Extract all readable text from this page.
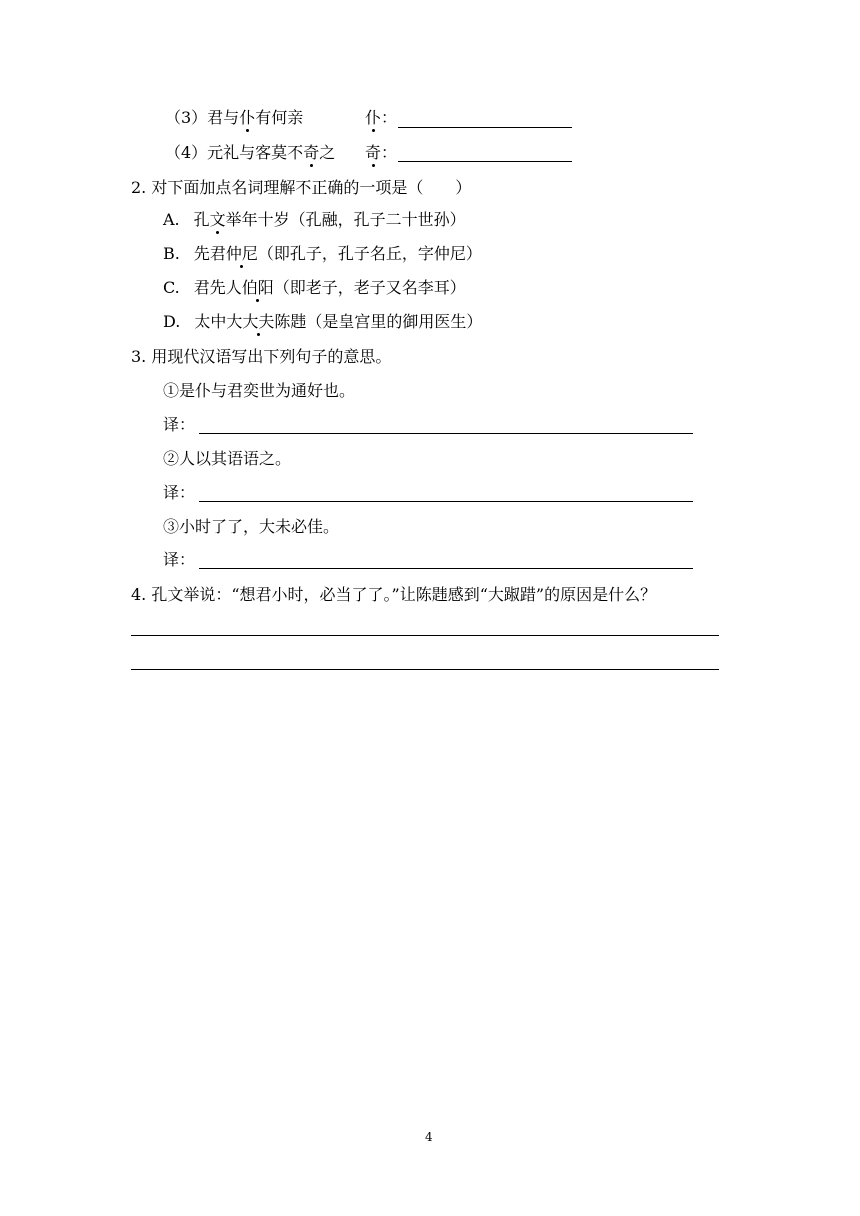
（3）君与仆有何亲	仆：
（4）元礼与客莫不奇之 奇：
2. 对下面加点名词理解不正确的一项是（　　）
A. 孔文举年十岁（孔融，孔子二十世孙）
B. 先君仲尼（即孔子，孔子名丘，字仲尼）
C. 君先人伯阳（即老子，老子又名李耳）
D. 太中大大夫陈韪（是皇宫里的御用医生）
3. 用现代汉语写出下列句子的意思。
①是仆与君奕世为通好也。
译：
②人以其语语之。
译：
③小时了了，大未必佳。
译：
4. 孔文举说：“想君小时，必当了了。”让陈韪感到“大踧踖”的原因是什么？
4
